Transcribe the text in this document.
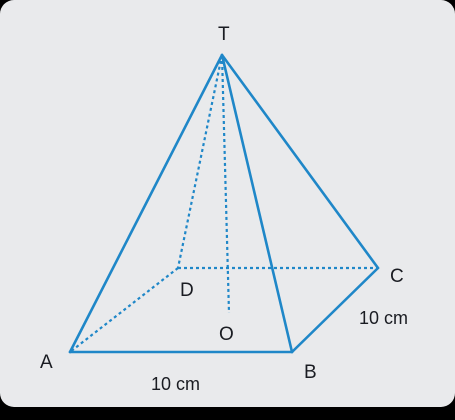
T
A	B
C
D
O
10 cm
10 cm
